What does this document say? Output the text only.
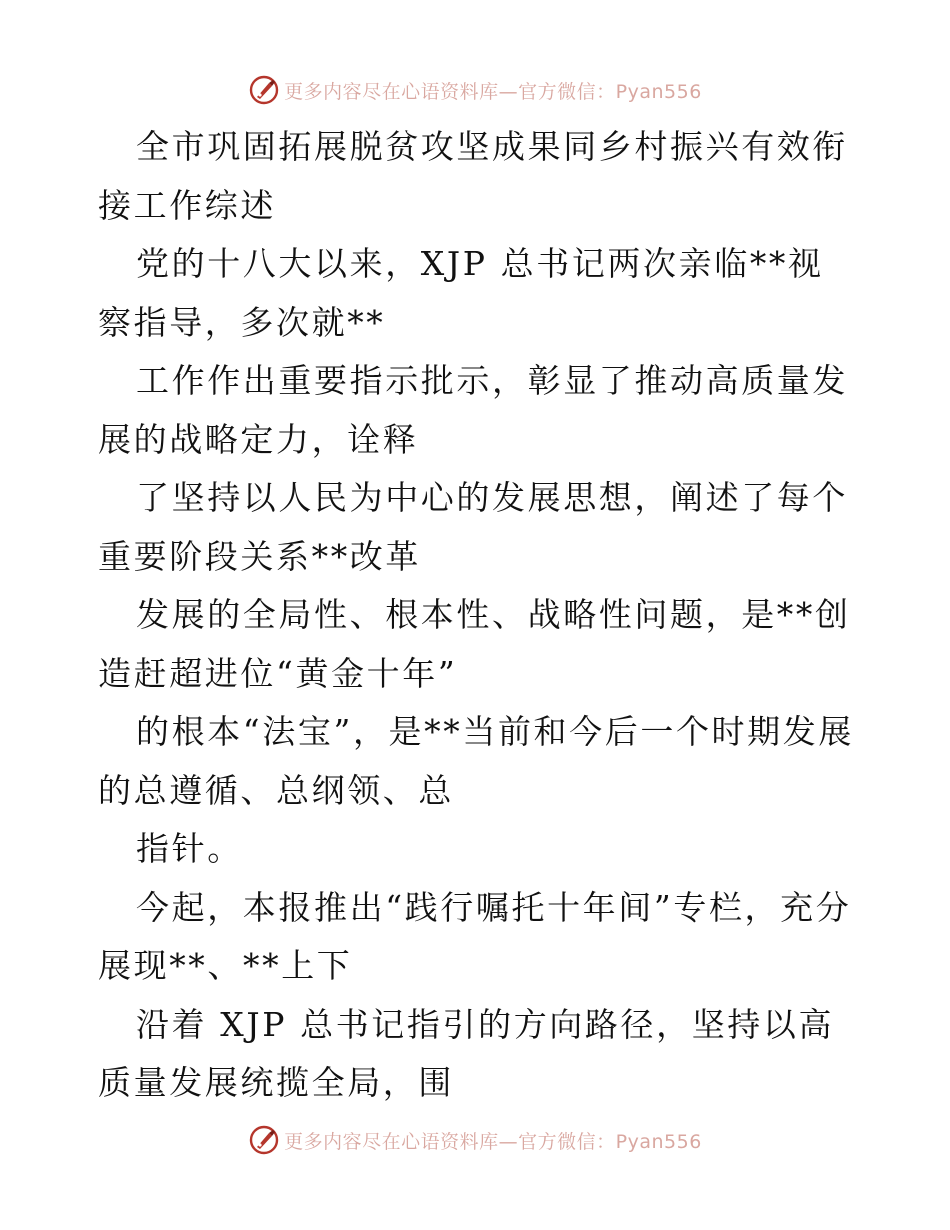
更多内容尽在心语资料库—官方微信：Pyan556

全市巩固拓展脱贫攻坚成果同乡村振兴有效衔接工作综述

党的十八大以来，XJP 总书记两次亲临**视察指导，多次就**

工作作出重要指示批示，彰显了推动高质量发展的战略定力，诠释

了坚持以人民为中心的发展思想，阐述了每个重要阶段关系**改革

发展的全局性、根本性、战略性问题，是**创造赶超进位“黄金十年”

的根本“法宝”，是**当前和今后一个时期发展的总遵循、总纲领、总

指针。

今起，本报推出“践行嘱托十年间”专栏，充分展现**、**上下

沿着 XJP 总书记指引的方向路径，坚持以高质量发展统揽全局，围

更多内容尽在心语资料库—官方微信：Pyan556
